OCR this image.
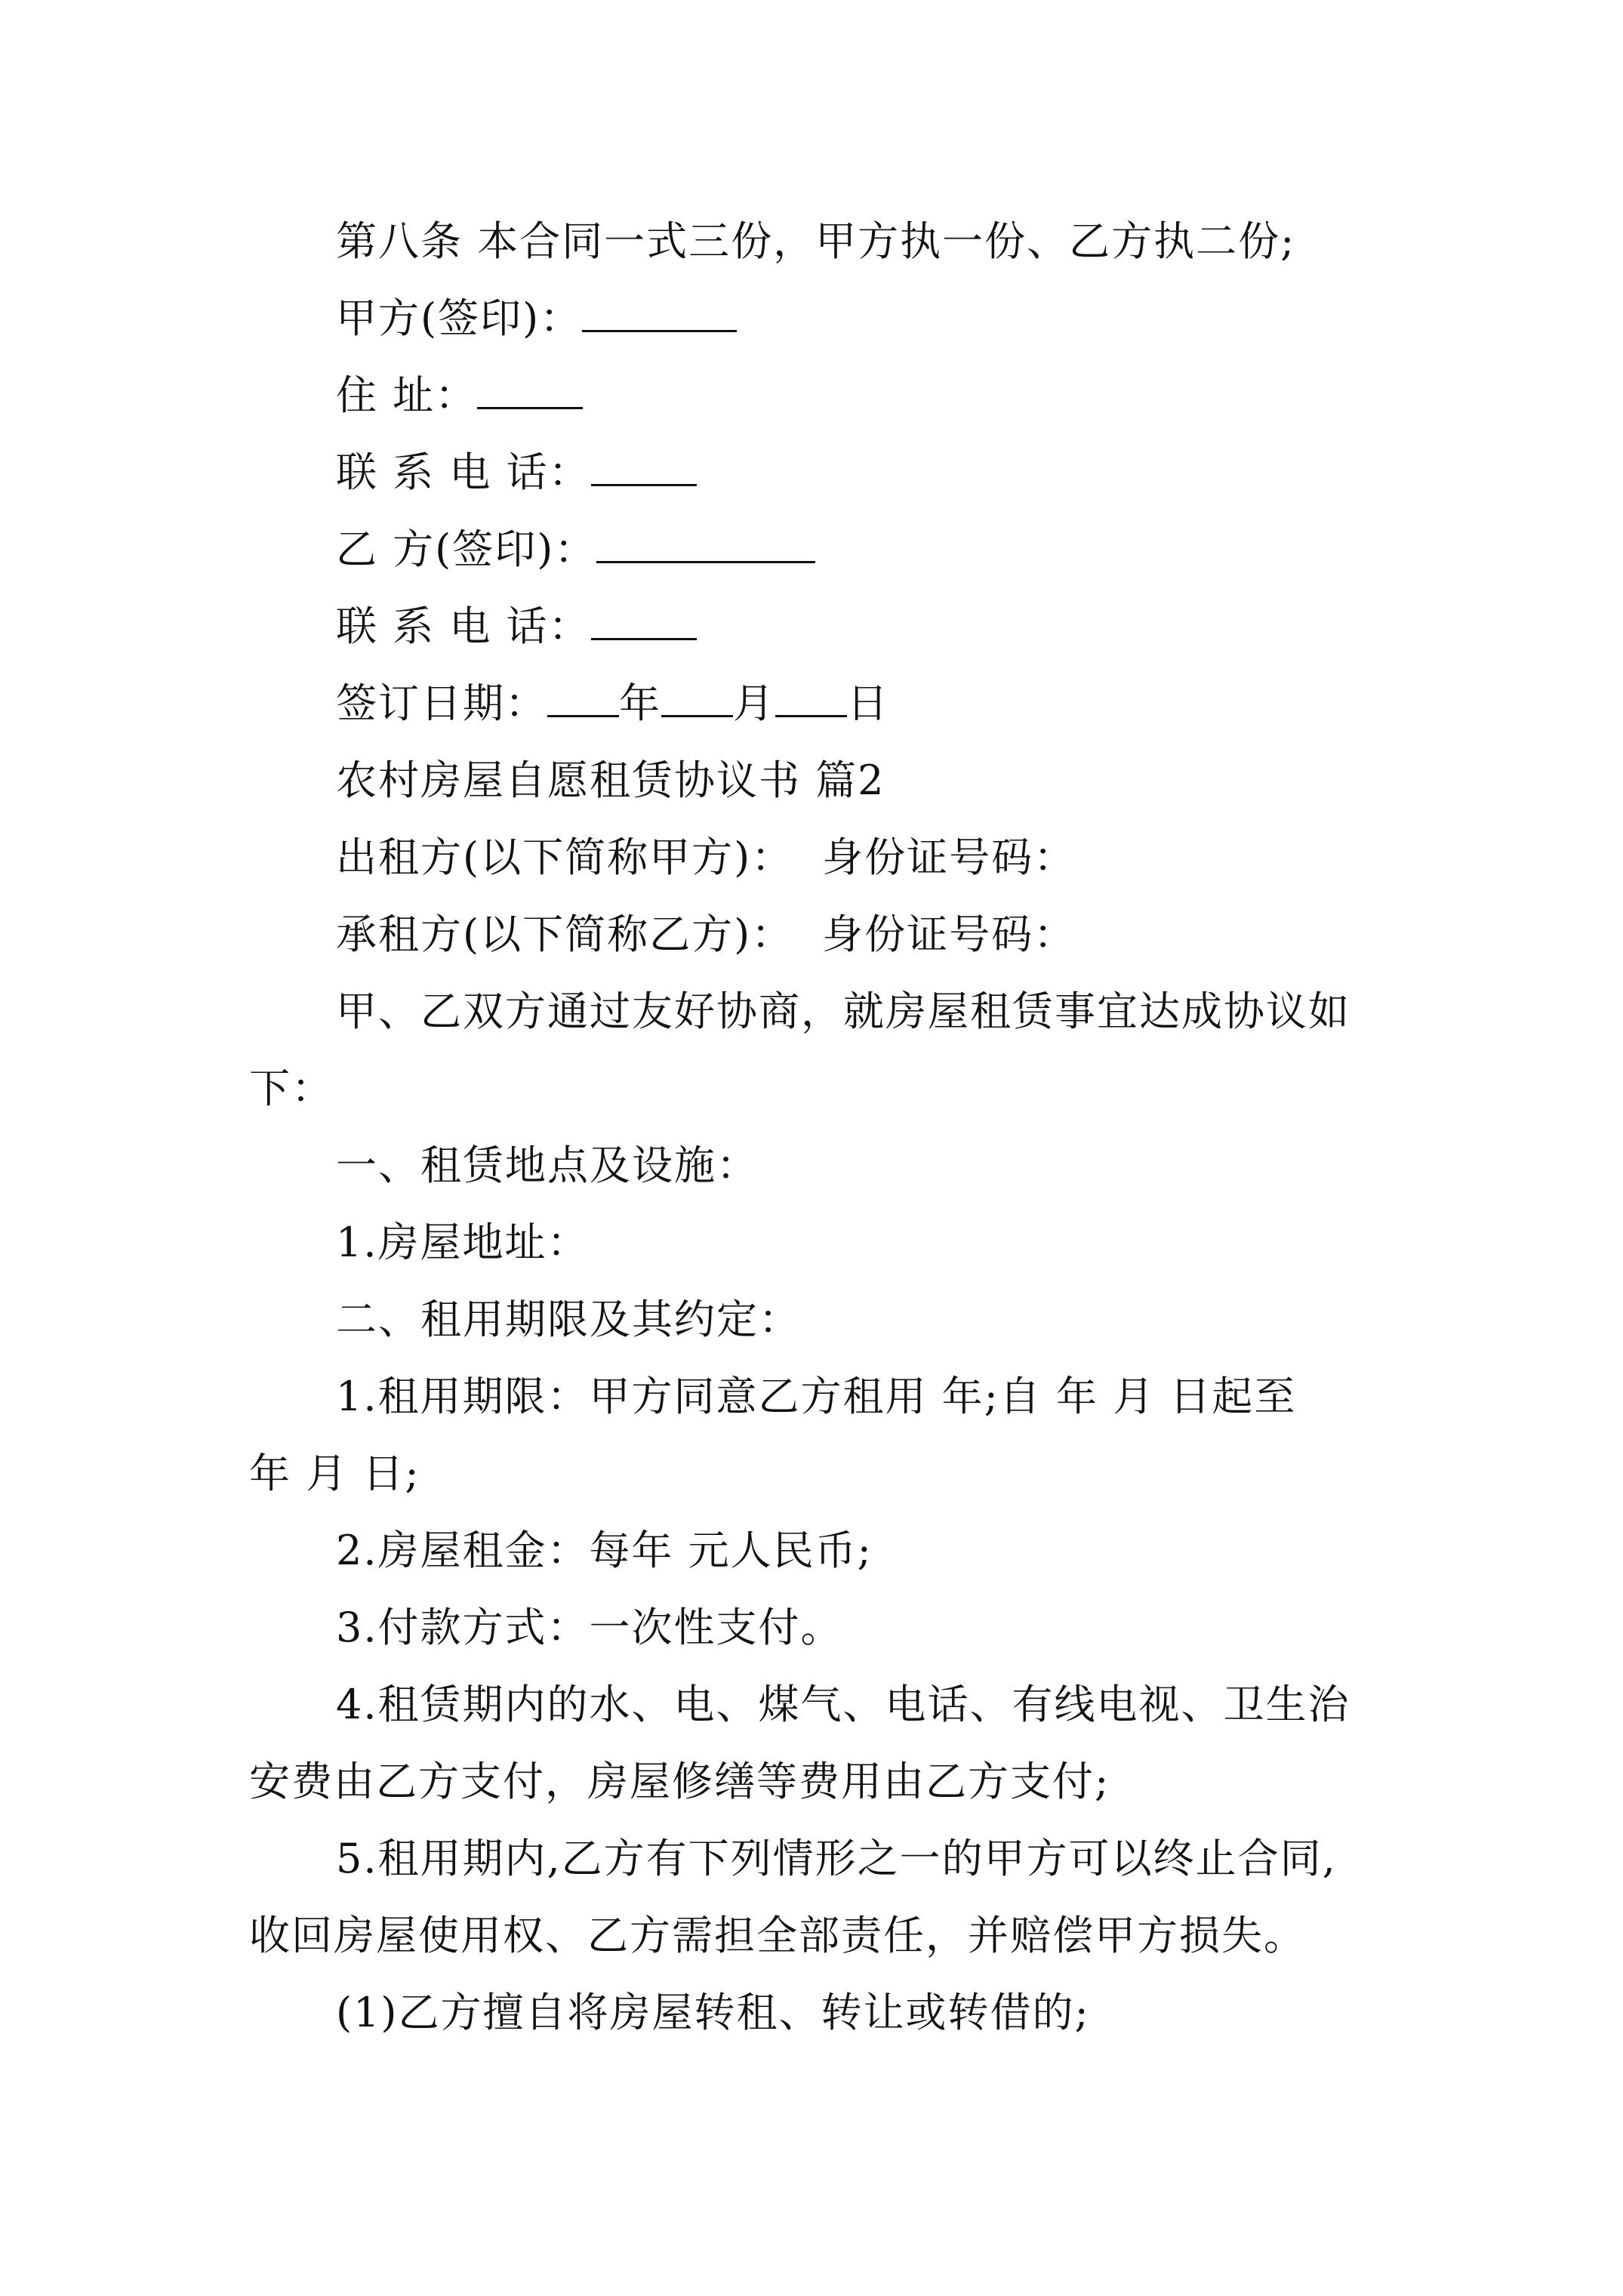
第八条 本合同一式三份，甲方执一份、乙方执二份;
甲方(签印)：
住 址：
联 系 电 话：
乙 方(签印)：
联 系 电 话：
签订日期： 年 月 日
农村房屋自愿租赁协议书 篇2
出租方(以下简称甲方)： 身份证号码：
承租方(以下简称乙方)： 身份证号码：
甲、乙双方通过友好协商，就房屋租赁事宜达成协议如
下：
一、租赁地点及设施：
1.房屋地址：
二、租用期限及其约定：
1.租用期限：甲方同意乙方租用 年;自 年 月 日起至
年 月 日;
2.房屋租金：每年 元人民币;
3.付款方式：一次性支付。
4.租赁期内的水、电、煤气、电话、有线电视、卫生治
安费由乙方支付，房屋修缮等费用由乙方支付;
5.租用期内,乙方有下列情形之一的甲方可以终止合同,
收回房屋使用权、乙方需担全部责任，并赔偿甲方损失。
(1)乙方擅自将房屋转租、转让或转借的;
